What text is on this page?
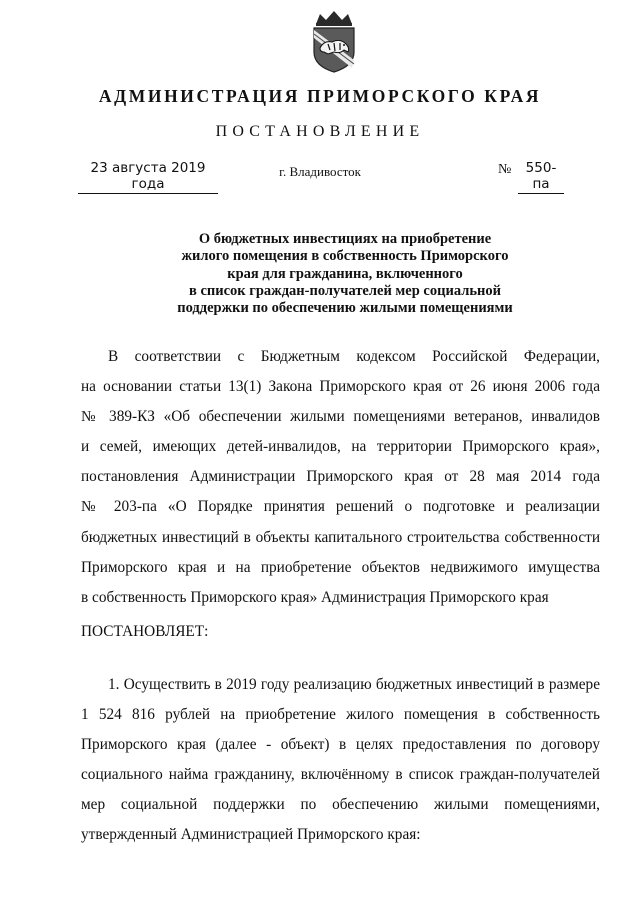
АДМИНИСТРАЦИЯ ПРИМОРСКОГО КРАЯ
ПОСТАНОВЛЕНИЕ
23 августа 2019 года
г. Владивосток	№	550-па
О бюджетных инвестициях на приобретение
жилого помещения в собственность Приморского
края для гражданина, включенного
в список граждан-получателей мер социальной
поддержки по обеспечению жилыми помещениями
В соответствии с Бюджетным кодексом Российской Федерации,
на основании статьи 13(1) Закона Приморского края от 26 июня 2006 года
№ 389-КЗ «Об обеспечении жилыми помещениями ветеранов, инвалидов
и семей, имеющих детей-инвалидов, на территории Приморского края»,
постановления Администрации Приморского края от 28 мая 2014 года
№ 203-па «О Порядке принятия решений о подготовке и реализации
бюджетных инвестиций в объекты капитального строительства собственности
Приморского края и на приобретение объектов недвижимого имущества
в собственность Приморского края» Администрация Приморского края
ПОСТАНОВЛЯЕТ:
1. Осуществить в 2019 году реализацию бюджетных инвестиций в размере
1 524 816 рублей на приобретение жилого помещения в собственность
Приморского края (далее - объект) в целях предоставления по договору
социального найма гражданину, включённому в список граждан-получателей
мер социальной поддержки по обеспечению жилыми помещениями,
утвержденный Администрацией Приморского края:
